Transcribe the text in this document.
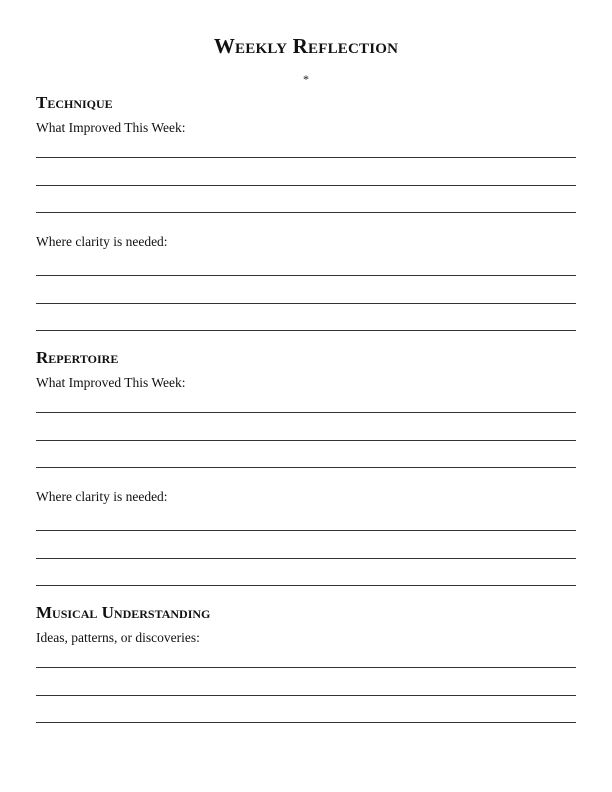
Weekly Reflection
*
Technique
What Improved This Week:
Where clarity is needed:
Repertoire
What Improved This Week:
Where clarity is needed:
Musical Understanding
Ideas, patterns, or discoveries:
